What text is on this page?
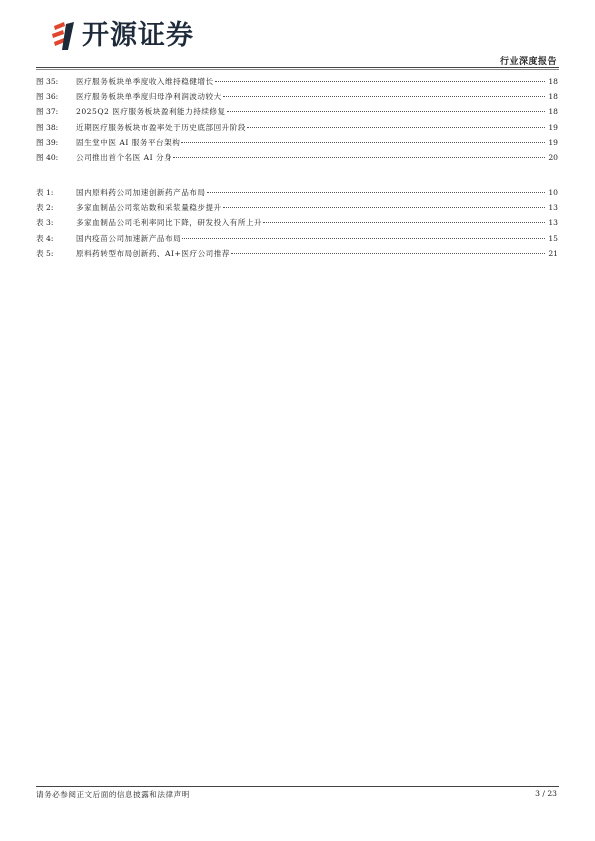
开源证券
行业深度报告
图 35:	医疗服务板块单季度收入维持稳健增长	18
图 36:	医疗服务板块单季度归母净利润波动较大	18
图 37:	2025Q2 医疗服务板块盈利能力持续修复	18
图 38:	近期医疗服务板块市盈率处于历史底部回升阶段	19
图 39:	固生堂中医 AI 服务平台架构	19
图 40:	公司推出首个名医 AI 分身	20
表 1:	国内原料药公司加速创新药产品布局	10
表 2:	多家血制品公司浆站数和采浆量稳步提升	13
表 3:	多家血制品公司毛利率同比下降，研发投入有所上升	13
表 4:	国内疫苗公司加速新产品布局	15
表 5:	原料药转型布局创新药、AI+医疗公司推荐	21
请务必参阅正文后面的信息披露和法律声明	3 / 23
